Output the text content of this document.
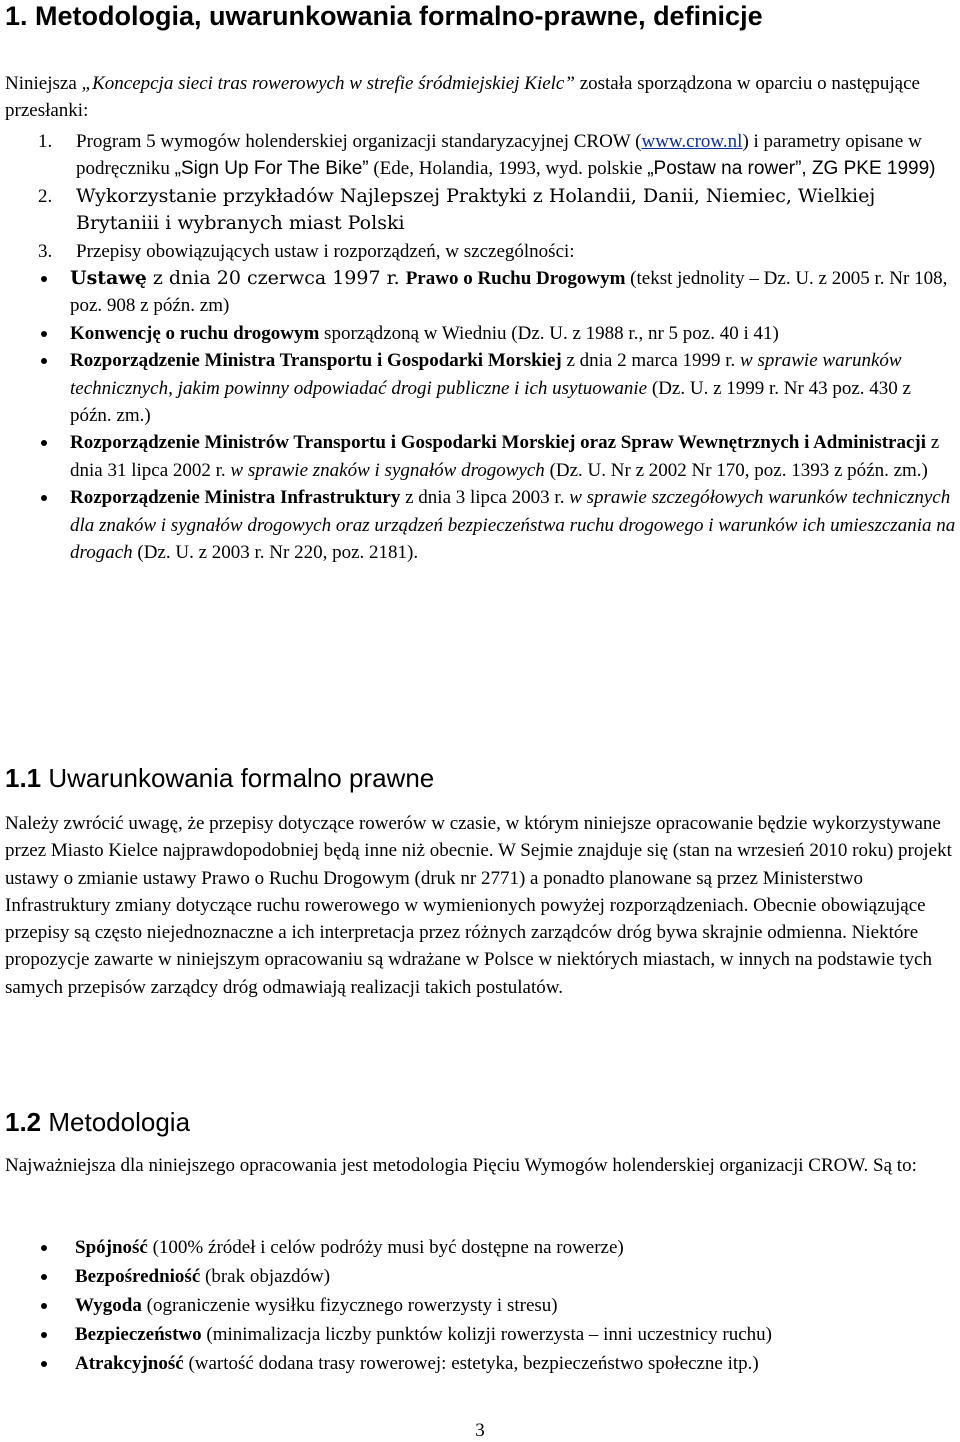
1. Metodologia, uwarunkowania formalno-prawne, definicje

Niniejsza „Koncepcja sieci tras rowerowych w strefie śródmiejskiej Kielc” została sporządzona w oparciu o następujące przesłanki:

1. Program 5 wymogów holenderskiej organizacji standaryzacyjnej CROW (www.crow.nl) i parametry opisane w podręczniku „Sign Up For The Bike” (Ede, Holandia, 1993, wyd. polskie „Postaw na rower”, ZG PKE 1999)
2. Wykorzystanie przykładów Najlepszej Praktyki z Holandii, Danii, Niemiec, Wielkiej Brytaniii i wybranych miast Polski
3. Przepisy obowiązujących ustaw i rozporządzeń, w szczególności:
Ustawę z dnia 20 czerwca 1997 r. Prawo o Ruchu Drogowym (tekst jednolity – Dz. U. z 2005 r. Nr 108, poz. 908 z późn. zm)
Konwencję o ruchu drogowym sporządzoną w Wiedniu (Dz. U. z 1988 r., nr 5 poz. 40 i 41)
Rozporządzenie Ministra Transportu i Gospodarki Morskiej z dnia 2 marca 1999 r. w sprawie warunków technicznych, jakim powinny odpowiadać drogi publiczne i ich usytuowanie (Dz. U. z 1999 r. Nr 43 poz. 430 z późn. zm.)
Rozporządzenie Ministrów Transportu i Gospodarki Morskiej oraz Spraw Wewnętrznych i Administracji z dnia 31 lipca 2002 r. w sprawie znaków i sygnałów drogowych (Dz. U. Nr z 2002 Nr 170, poz. 1393 z późn. zm.)
Rozporządzenie Ministra Infrastruktury z dnia 3 lipca 2003 r. w sprawie szczegółowych warunków technicznych dla znaków i sygnałów drogowych oraz urządzeń bezpieczeństwa ruchu drogowego i warunków ich umieszczania na drogach (Dz. U. z 2003 r. Nr 220, poz. 2181).
1.1 Uwarunkowania formalno prawne

Należy zwrócić uwagę, że przepisy dotyczące rowerów w czasie, w którym niniejsze opracowanie będzie wykorzystywane przez Miasto Kielce najprawdopodobniej będą inne niż obecnie. W Sejmie znajduje się (stan na wrzesień 2010 roku) projekt ustawy o zmianie ustawy Prawo o Ruchu Drogowym (druk nr 2771) a ponadto planowane są przez Ministerstwo Infrastruktury zmiany dotyczące ruchu rowerowego w wymienionych powyżej rozporządzeniach. Obecnie obowiązujące przepisy są często niejednoznaczne a ich interpretacja przez różnych zarządców dróg bywa skrajnie odmienna. Niektóre propozycje zawarte w niniejszym opracowaniu są wdrażane w Polsce w niektórych miastach, w innych na podstawie tych samych przepisów zarządcy dróg odmawiają realizacji takich postulatów.

1.2 Metodologia

Najważniejsza dla niniejszego opracowania jest metodologia Pięciu Wymogów holenderskiej organizacji CROW. Są to:

Spójność (100% źródeł i celów podróży musi być dostępne na rowerze)
Bezpośredniość (brak objazdów)
Wygoda (ograniczenie wysiłku fizycznego rowerzysty i stresu)
Bezpieczeństwo (minimalizacja liczby punktów kolizji rowerzysta – inni uczestnicy ruchu)
Atrakcyjność (wartość dodana trasy rowerowej: estetyka, bezpieczeństwo społeczne itp.)
3
